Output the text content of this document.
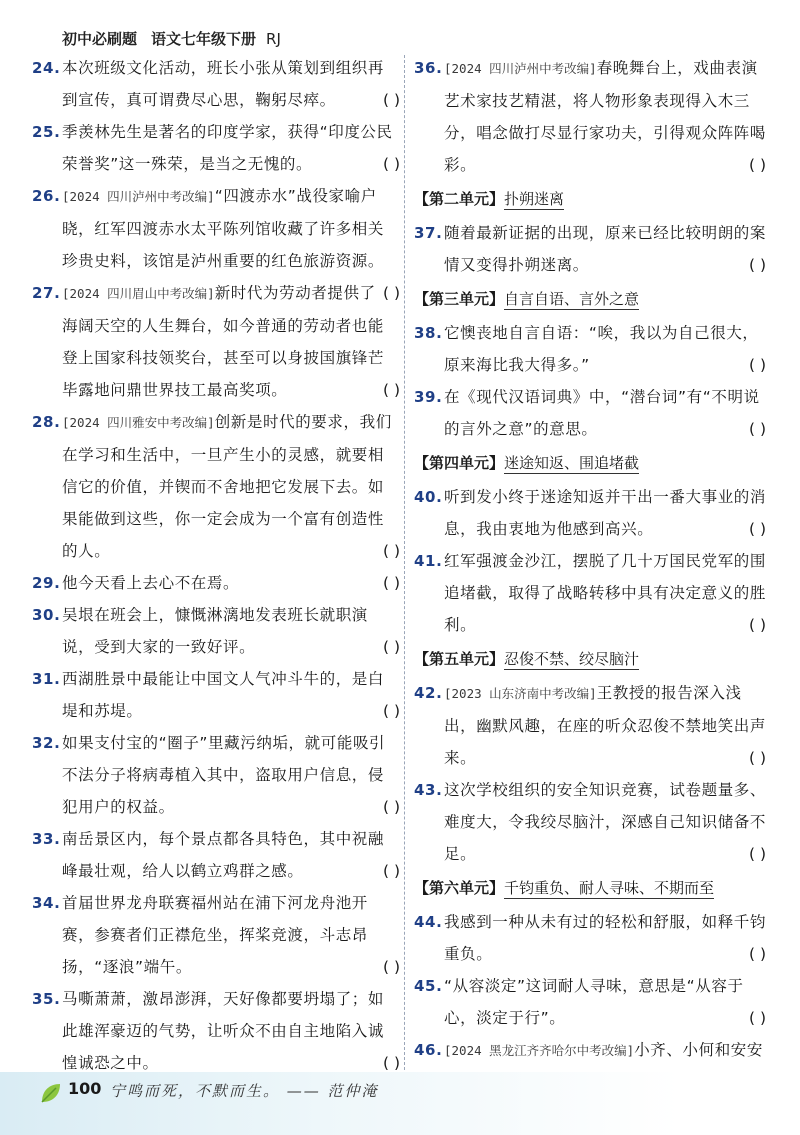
初中必刷题 语文七年级下册 RJ
24. 本次班级文化活动，班长小张从策划到组织再到宣传，真可谓费尽心思，鞠躬尽瘁。	( )
25. 季羡林先生是著名的印度学家，获得“印度公民荣誉奖”这一殊荣，是当之无愧的。	( )
26. [2024 四川泸州中考改编]“四渡赤水”战役家喻户晓，红军四渡赤水太平陈列馆收藏了许多相关珍贵史料，该馆是泸州重要的红色旅游资源。
( )
27. [2024 四川眉山中考改编]新时代为劳动者提供了海阔天空的人生舞台，如今普通的劳动者也能登上国家科技领奖台，甚至可以身披国旗锋芒毕露地问鼎世界技工最高奖项。	( )
28. [2024 四川雅安中考改编]创新是时代的要求，我们在学习和生活中，一旦产生小的灵感，就要相信它的价值，并锲而不舍地把它发展下去。如果能做到这些，你一定会成为一个富有创造性的人。	( )
29. 他今天看上去心不在焉。	( )
30. 吴垠在班会上，慷慨淋漓地发表班长就职演说，受到大家的一致好评。	( )
31. 西湖胜景中最能让中国文人气冲斗牛的，是白堤和苏堤。	( )
32. 如果支付宝的“圈子”里藏污纳垢，就可能吸引不法分子将病毒植入其中，盗取用户信息，侵犯用户的权益。	( )
33. 南岳景区内，每个景点都各具特色，其中祝融峰最壮观，给人以鹤立鸡群之感。	( )
34. 首届世界龙舟联赛福州站在浦下河龙舟池开赛，参赛者们正襟危坐，挥桨竞渡，斗志昂扬，“逐浪”端午。	( )
35. 马嘶萧萧，激昂澎湃，天好像都要坍塌了；如此雄浑豪迈的气势，让听众不由自主地陷入诚惶诚恐之中。	( )
36. [2024 四川泸州中考改编]春晚舞台上，戏曲表演艺术家技艺精湛，将人物形象表现得入木三分，唱念做打尽显行家功夫，引得观众阵阵喝彩。	( )
【第二单元】扑朔迷离
37. 随着最新证据的出现，原来已经比较明朗的案情又变得扑朔迷离。	( )
【第三单元】自言自语、言外之意
38. 它懊丧地自言自语：“唉，我以为自己很大，原来海比我大得多。”	( )
39. 在《现代汉语词典》中，“潜台词”有“不明说的言外之意”的意思。	( )
【第四单元】迷途知返、围追堵截
40. 听到发小终于迷途知返并干出一番大事业的消息，我由衷地为他感到高兴。	( )
41. 红军强渡金沙江，摆脱了几十万国民党军的围追堵截，取得了战略转移中具有决定意义的胜利。	( )
【第五单元】忍俊不禁、绞尽脑汁
42. [2023 山东济南中考改编]王教授的报告深入浅出，幽默风趣，在座的听众忍俊不禁地笑出声来。	( )
43. 这次学校组织的安全知识竞赛，试卷题量多、难度大，令我绞尽脑汁，深感自己知识储备不足。	( )
【第六单元】千钧重负、耐人寻味、不期而至
44. 我感到一种从未有过的轻松和舒服，如释千钧重负。	( )
45. “从容淡定”这词耐人寻味，意思是“从容于心，淡定于行”。	( )
46. [2024 黑龙江齐齐哈尔中考改编]小齐、小何和安安
100 宁鸣而死，不默而生。 —— 范仲淹
